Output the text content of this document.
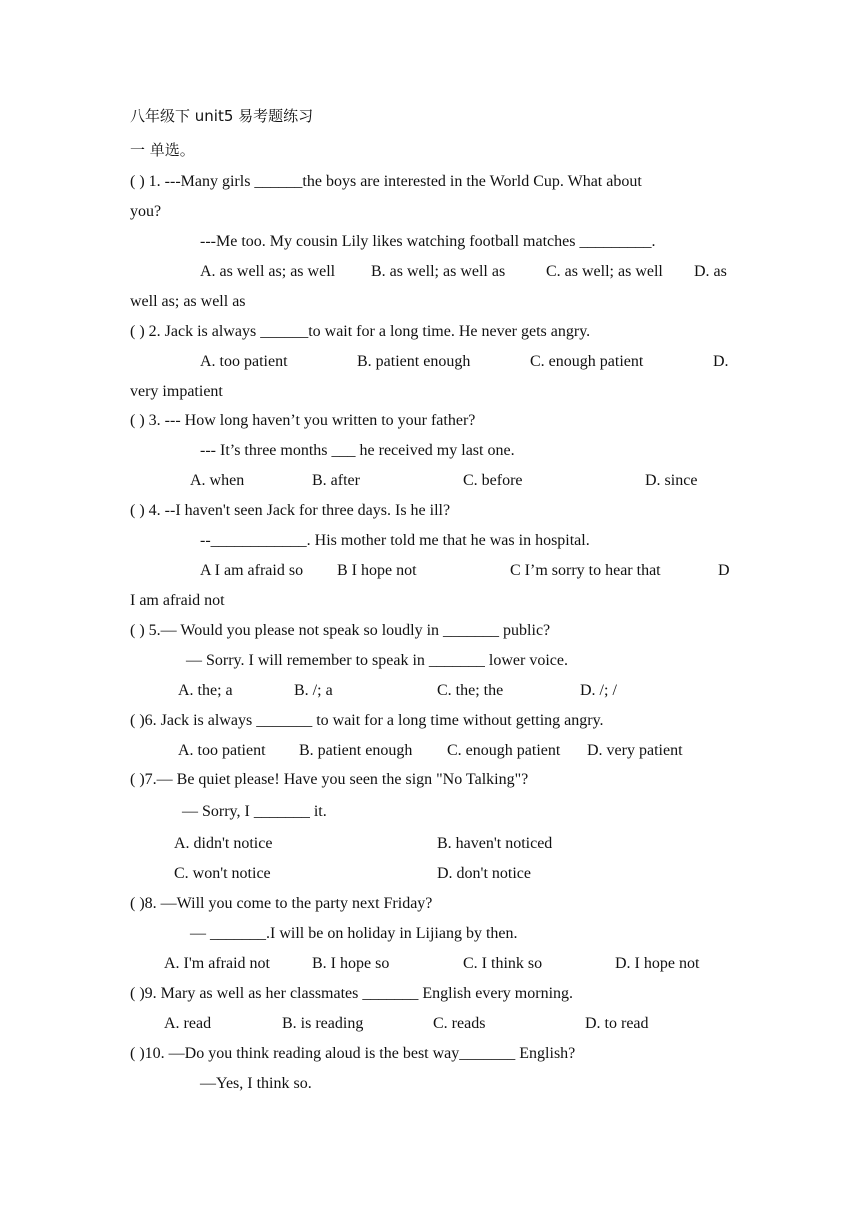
八年级下 unit5 易考题练习
一 单选。
( ) 1. ---Many girls ______the boys are interested in the World Cup. What about
you?
---Me too. My cousin Lily likes watching football matches _________.
A. as well as; as well B. as well; as well as	C. as well; as well D. as
well as; as well as
( ) 2. Jack is always ______to wait for a long time. He never gets angry.
A. too patient	B. patient enough	C. enough patient	D.
very impatient
( ) 3. --- How long haven’t you written to your father?
--- It’s three months ___ he received my last one.
A. when	B. after	C. before	D. since
( ) 4. --I haven't seen Jack for three days. Is he ill?
--____________. His mother told me that he was in hospital.
A I am afraid so B I hope not	C I’m sorry to hear that	D
I am afraid not
( ) 5.— Would you please not speak so loudly in _______ public?
— Sorry. I will remember to speak in _______ lower voice.
A. the; a	B. /; a	C. the; the	D. /; /
( )6. Jack is always _______ to wait for a long time without getting angry.
A. too patient B. patient enough C. enough patient D. very patient
( )7.— Be quiet please! Have you seen the sign "No Talking"?
— Sorry, I _______ it.
A. didn't notice	B. haven't noticed
C. won't notice	D. don't notice
( )8. —Will you come to the party next Friday?
— _______.I will be on holiday in Lijiang by then.
A. I'm afraid not	B. I hope so	C. I think so	D. I hope not
( )9. Mary as well as her classmates _______ English every morning.
A. read	B. is reading	C. reads	D. to read
( )10. —Do you think reading aloud is the best way_______ English?
—Yes, I think so.
